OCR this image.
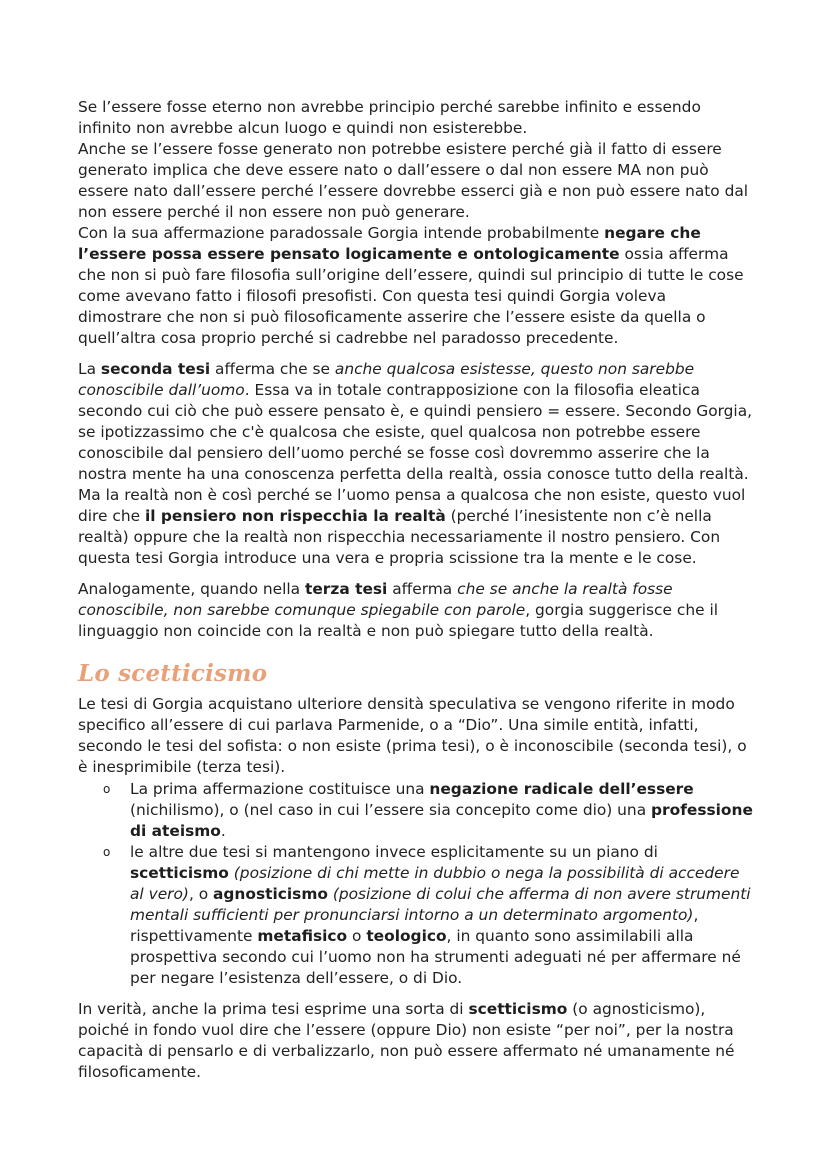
Se l’essere fosse eterno non avrebbe principio perché sarebbe infinito e essendo infinito non avrebbe alcun luogo e quindi non esisterebbe.

Anche se l’essere fosse generato non potrebbe esistere perché già il fatto di essere generato implica che deve essere nato o dall’essere o dal non essere MA non può essere nato dall’essere perché l’essere dovrebbe esserci già e non può essere nato dal non essere perché il non essere non può generare.

Con la sua affermazione paradossale Gorgia intende probabilmente negare che l’essere possa essere pensato logicamente e ontologicamente ossia afferma che non si può fare filosofia sull’origine dell’essere, quindi sul principio di tutte le cose come avevano fatto i filosofi presofisti. Con questa tesi quindi Gorgia voleva dimostrare che non si può filosoficamente asserire che l’essere esiste da quella o quell’altra cosa proprio perché si cadrebbe nel paradosso precedente.

La seconda tesi afferma che se anche qualcosa esistesse, questo non sarebbe conoscibile dall’uomo. Essa va in totale contrapposizione con la filosofia eleatica secondo cui ciò che può essere pensato è, e quindi pensiero = essere. Secondo Gorgia, se ipotizzassimo che c'è qualcosa che esiste, quel qualcosa non potrebbe essere conoscibile dal pensiero dell’uomo perché se fosse così dovremmo asserire che la nostra mente ha una conoscenza perfetta della realtà, ossia conosce tutto della realtà. Ma la realtà non è così perché se l’uomo pensa a qualcosa che non esiste, questo vuol dire che il pensiero non rispecchia la realtà (perché l’inesistente non c’è nella realtà) oppure che la realtà non rispecchia necessariamente il nostro pensiero. Con questa tesi Gorgia introduce una vera e propria scissione tra la mente e le cose.

Analogamente, quando nella terza tesi afferma che se anche la realtà fosse conoscibile, non sarebbe comunque spiegabile con parole, gorgia suggerisce che il linguaggio non coincide con la realtà e non può spiegare tutto della realtà.

Lo scetticismo

Le tesi di Gorgia acquistano ulteriore densità speculativa se vengono riferite in modo specifico all’essere di cui parlava Parmenide, o a “Dio”. Una simile entità, infatti, secondo le tesi del sofista: o non esiste (prima tesi), o è inconoscibile (seconda tesi), o è inesprimibile (terza tesi).

o La prima affermazione costituisce una negazione radicale dell’essere (nichilismo), o (nel caso in cui l’essere sia concepito come dio) una professione di ateismo.
o le altre due tesi si mantengono invece esplicitamente su un piano di scetticismo (posizione di chi mette in dubbio o nega la possibilità di accedere al vero), o agnosticismo (posizione di colui che afferma di non avere strumenti mentali sufficienti per pronunciarsi intorno a un determinato argomento), rispettivamente metafisico o teologico, in quanto sono assimilabili alla prospettiva secondo cui l’uomo non ha strumenti adeguati né per affermare né per negare l’esistenza dell’essere, o di Dio.

In verità, anche la prima tesi esprime una sorta di scetticismo (o agnosticismo), poiché in fondo vuol dire che l’essere (oppure Dio) non esiste “per noi”, per la nostra capacità di pensarlo e di verbalizzarlo, non può essere affermato né umanamente né filosoficamente.
